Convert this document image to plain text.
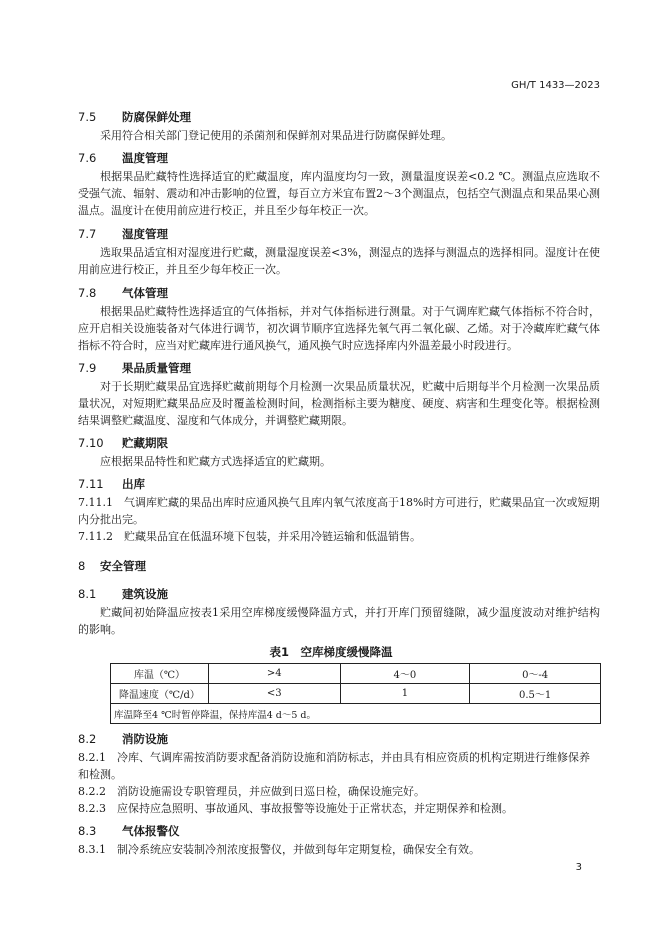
GH/T 1433—2023
7.5 防腐保鲜处理
采用符合相关部门登记使用的杀菌剂和保鲜剂对果品进行防腐保鲜处理。
7.6 温度管理
根据果品贮藏特性选择适宜的贮藏温度，库内温度均匀一致，测量温度误差<0.2 ℃。测温点应选取不受强气流、辐射、震动和冲击影响的位置，每百立方米宜布置2～3个测温点，包括空气测温点和果品果心测温点。温度计在使用前应进行校正，并且至少每年校正一次。
7.7 湿度管理
选取果品适宜相对湿度进行贮藏，测量湿度误差<3%，测湿点的选择与测温点的选择相同。湿度计在使用前应进行校正，并且至少每年校正一次。
7.8 气体管理
根据果品贮藏特性选择适宜的气体指标，并对气体指标进行测量。对于气调库贮藏气体指标不符合时，应开启相关设施装备对气体进行调节，初次调节顺序宜选择先氧气再二氧化碳、乙烯。对于冷藏库贮藏气体指标不符合时，应当对贮藏库进行通风换气，通风换气时应选择库内外温差最小时段进行。
7.9 果品质量管理
对于长期贮藏果品宜选择贮藏前期每个月检测一次果品质量状况，贮藏中后期每半个月检测一次果品质量状况，对短期贮藏果品应及时覆盖检测时间，检测指标主要为糖度、硬度、病害和生理变化等。根据检测结果调整贮藏温度、湿度和气体成分，并调整贮藏期限。
7.10 贮藏期限
应根据果品特性和贮藏方式选择适宜的贮藏期。
7.11 出库
7.11.1　 气调库贮藏的果品出库时应通风换气且库内氧气浓度高于18%时方可进行，贮藏果品宜一次或短期内分批出完。
7.11.2　 贮藏果品宜在低温环境下包装，并采用冷链运输和低温销售。
8 安全管理
8.1 建筑设施
贮藏间初始降温应按表1采用空库梯度缓慢降温方式，并打开库门预留缝隙，减少温度波动对维护结构的影响。
表1　空库梯度缓慢降温
库温（℃）	>4	4～0	0～-4
降温速度（℃/d）	<3	1	0.5～1
库温降至4 ℃时暂停降温，保持库温4 d～5 d。			
8.2 消防设施
8.2.1　 冷库、气调库需按消防要求配备消防设施和消防标志，并由具有相应资质的机构定期进行维修保养和检测。
8.2.2　 消防设施需设专职管理员，并应做到日巡日检，确保设施完好。
8.2.3　 应保持应急照明、事故通风、事故报警等设施处于正常状态，并定期保养和检测。
8.3 气体报警仪
8.3.1　 制冷系统应安装制冷剂浓度报警仪，并做到每年定期复检，确保安全有效。
3
